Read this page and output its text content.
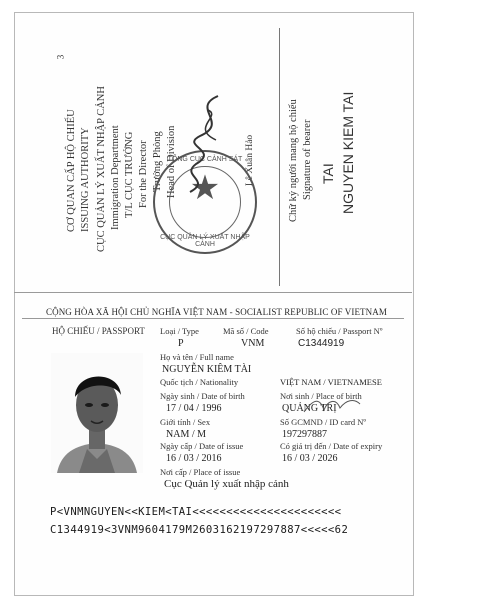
3
CƠ QUAN CẤP HỘ CHIẾU ISSUING AUTHORITY CỤC QUẢN LÝ XUẤT NHẬP CẢNH Immigration Department T/L CỤC TRƯỞNG For the Director Trưởng Phòng Head of Division	Lê Xuân Hảo
★
TỔNG CỤC CẢNH SÁT
CỤC QUẢN LÝ XUẤT NHẬP CẢNH
Chữ ký người mang hộ chiếu Signature of bearer TAI NGUYEN KIEM TAI
CỘNG HÒA XÃ HỘI CHỦ NGHĨA VIỆT NAM - SOCIALIST REPUBLIC OF VIETNAM
HỘ CHIẾU / PASSPORT Loại / Type
P
Mã số / Code
VNM
Số hộ chiếu / Passport Nº
C1344919
Họ và tên / Full name
NGUYỄN KIÊM TÀI
Quốc tịch / Nationality	VIỆT NAM / VIETNAMESE
Ngày sinh / Date of birth
17 / 04 / 1996
Nơi sinh / Place of birth
QUẢNG TRỊ
Giới tính / Sex
NAM / M
Số GCMND / ID card Nº
197297887
Ngày cấp / Date of issue
16 / 03 / 2016
Có giá trị đến / Date of expiry
16 / 03 / 2026
Nơi cấp / Place of issue
Cục Quản lý xuất nhập cảnh
P<VNMNGUYEN<<KIEM<TAI<<<<<<<<<<<<<<<<<<<<<<
C1344919<3VNM9604179M2603162197297887<<<<<62
